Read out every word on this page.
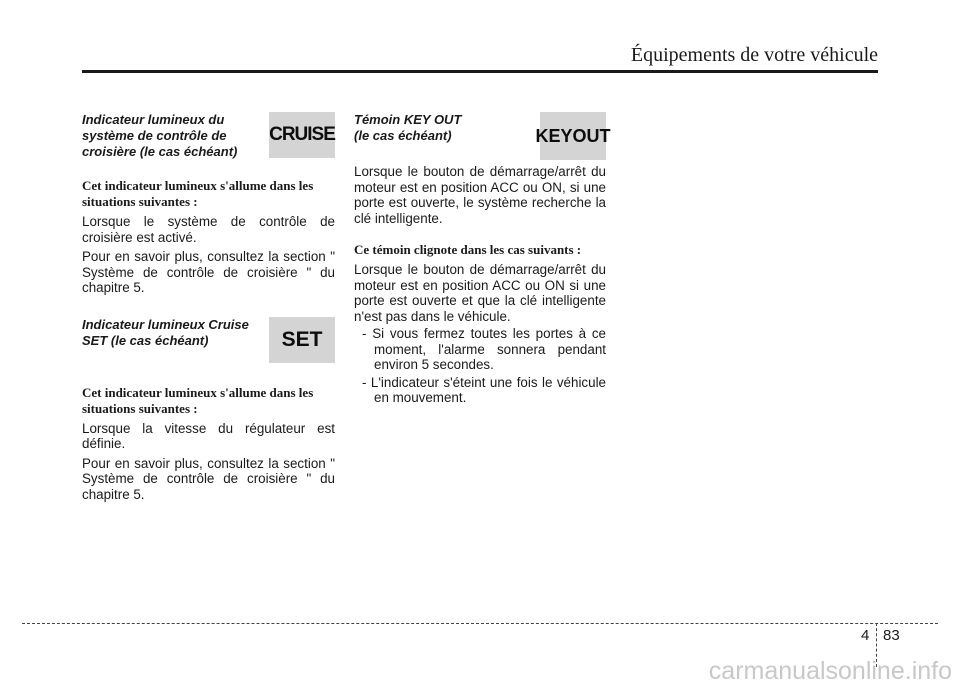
Équipements de votre véhicule

Indicateur lumineux du
système de contrôle de
croisière (le cas échéant)

CRUISE

Cet indicateur lumineux s'allume dans les
situations suivantes :

Lorsque le système de contrôle de croisière est activé.

Pour en savoir plus, consultez la section " Système de contrôle de croisière " du chapitre 5.

Indicateur lumineux Cruise
SET (le cas échéant)	SET

Cet indicateur lumineux s'allume dans les
situations suivantes :

Lorsque la vitesse du régulateur est définie.

Pour en savoir plus, consultez la section " Système de contrôle de croisière " du chapitre 5.

Témoin KEY OUT
(le cas échéant)	KEY OUT

Lorsque le bouton de démarrage/arrêt du moteur est en position ACC ou ON, si une porte est ouverte, le système recherche la clé intelligente.

Ce témoin clignote dans les cas suivants :

Lorsque le bouton de démarrage/arrêt du moteur est en position ACC ou ON si une porte est ouverte et que la clé intelligente n'est pas dans le véhicule.

- Si vous fermez toutes les portes à ce moment, l'alarme sonnera pendant environ 5 secondes.
- L'indicateur s'éteint une fois le véhicule en mouvement.
4 83
carmanualsonline.info
